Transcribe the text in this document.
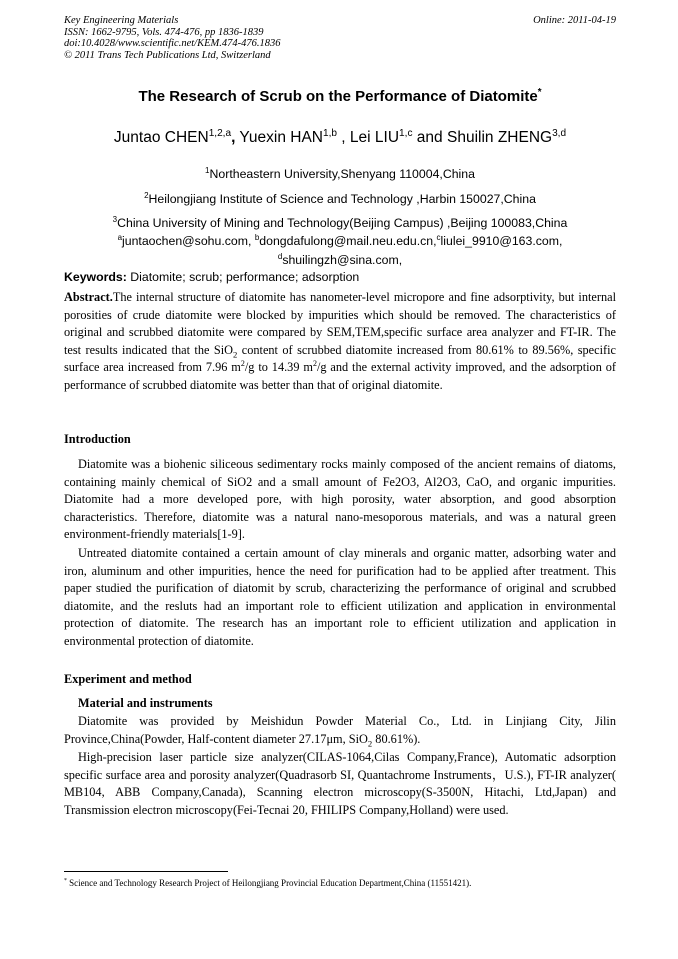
Key Engineering Materials
ISSN: 1662-9795, Vols. 474-476, pp 1836-1839
doi:10.4028/www.scientific.net/KEM.474-476.1836
© 2011 Trans Tech Publications Ltd, Switzerland
Online: 2011-04-19
The Research of Scrub on the Performance of Diatomite*
Juntao CHEN$^{1,2,a}$, Yuexin HAN$^{1,b}$ , Lei LIU$^{1,c}$ and Shuilin ZHENG$^{3,d}$
$^1$Northeastern University,Shenyang 110004,China
$^2$Heilongjiang Institute of Science and Technology ,Harbin 150027,China
$^3$China University of Mining and Technology(Beijing Campus) ,Beijing 100083,China
$^a$juntaochen@sohu.com, $^b$dongdafulong@mail.neu.edu.cn,$^c$liulei_9910@163.com,
$^d$shuilingzh@sina.com,
Keywords: Diatomite; scrub; performance; adsorption
Abstract.The internal structure of diatomite has nanometer-level micropore and fine adsorptivity, but internal porosities of crude diatomite were blocked by impurities which should be removed. The characteristics of original and scrubbed diatomite were compared by SEM,TEM,specific surface area analyzer and FT-IR. The test results indicated that the SiO$_2$ content of scrubbed diatomite increased from 80.61% to 89.56%, specific surface area increased from 7.96 $m^2/g$ to 14.39 $m^2/g$ and the external activity improved, and the adsorption of performance of scrubbed diatomite was better than that of original diatomite.
Introduction
Diatomite was a biohenic siliceous sedimentary rocks mainly composed of the ancient remains of diatoms, containing mainly chemical of SiO2 and a small amount of Fe2O3, Al2O3, CaO, and organic impurities. Diatomite had a more developed pore, with high porosity, water absorption, and good absorption characteristics. Therefore, diatomite was a natural nano-mesoporous materials, and was a natural green environment-friendly materials[1-9].
Untreated diatomite contained a certain amount of clay minerals and organic matter, adsorbing water and iron, aluminum and other impurities, hence the need for purification had to be applied after treatment. This paper studied the purification of diatomit by scrub, characterizing the performance of original and scrubbed diatomite, and the resluts had an important role to efficient utilization and application in environmental protection of diatomite. The research has an important role to efficient utilization and application in environmental protection of diatomite.
Experiment and method
Material and instruments
Diatomite was provided by Meishidun Powder Material Co., Ltd. in Linjiang City, Jilin Province,China(Powder, Half-content diameter 27.17μm, SiO$_2$ 80.61%).
High-precision laser particle size analyzer(CILAS-1064,Cilas Company,France), Automatic adsorption specific surface area and porosity analyzer(Quadrasorb SI, Quantachrome Instruments，U.S.), FT-IR analyzer( MB104, ABB Company,Canada), Scanning electron microscopy(S-3500N, Hitachi, Ltd,Japan) and Transmission electron microscopy(Fei-Tecnai 20, FHILIPS Company,Holland) were used.
* Science and Technology Research Project of Heilongjiang Provincial Education Department,China (11551421).
